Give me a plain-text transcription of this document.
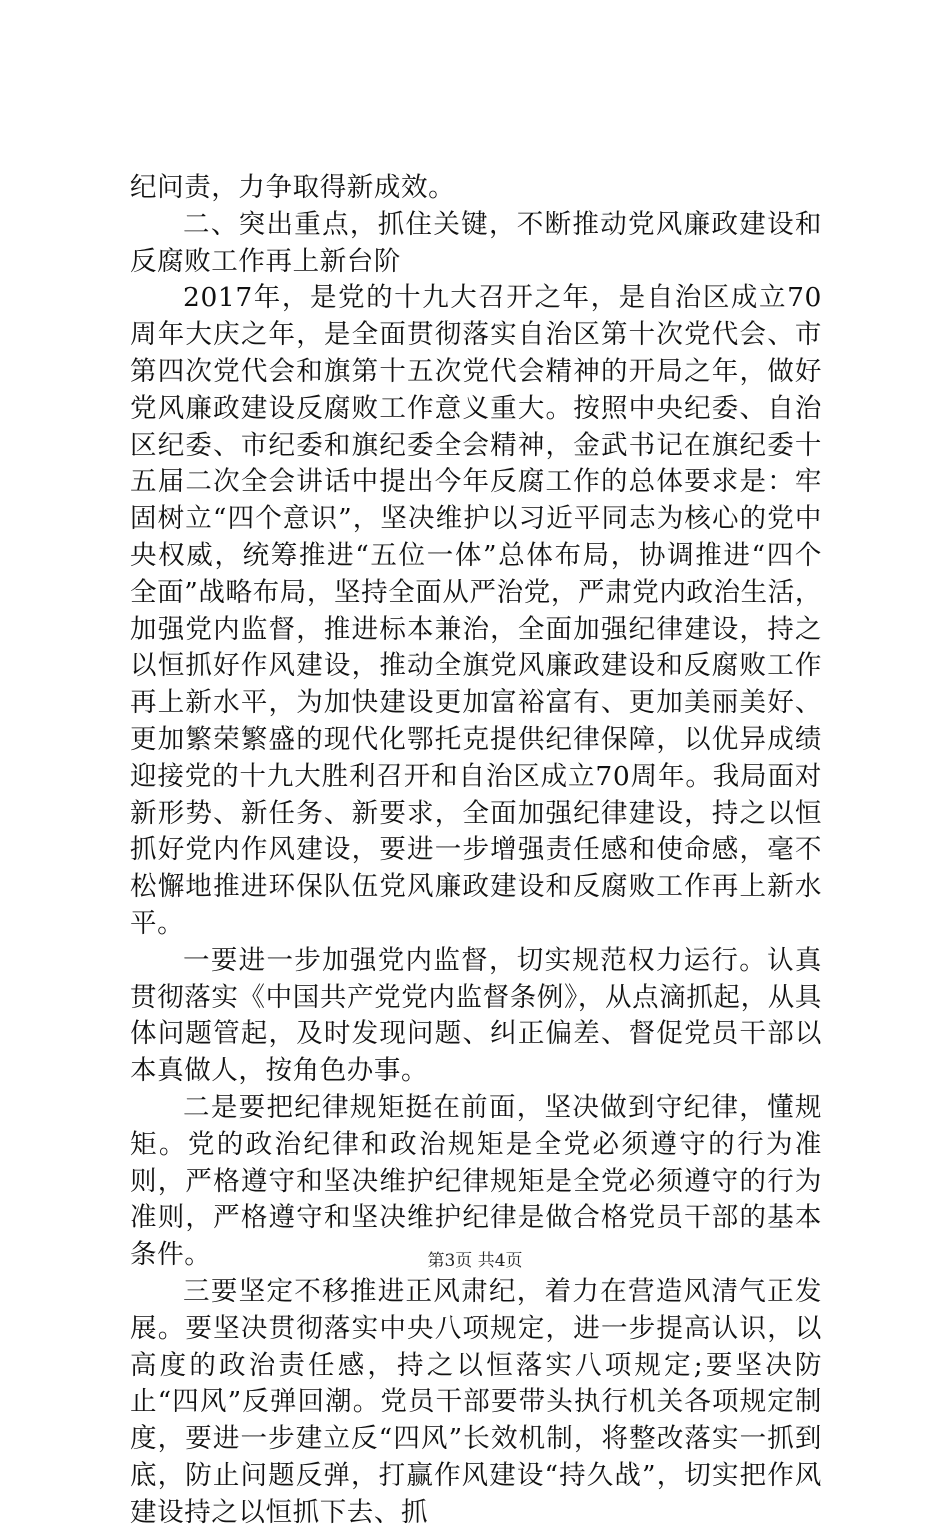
纪问责，力争取得新成效。

二、突出重点，抓住关键，不断推动党风廉政建设和反腐败工作再上新台阶

2017年，是党的十九大召开之年，是自治区成立70周年大庆之年，是全面贯彻落实自治区第十次党代会、市第四次党代会和旗第十五次党代会精神的开局之年，做好党风廉政建设反腐败工作意义重大。按照中央纪委、自治区纪委、市纪委和旗纪委全会精神，金武书记在旗纪委十五届二次全会讲话中提出今年反腐工作的总体要求是：牢固树立“四个意识”，坚决维护以习近平同志为核心的党中央权威，统筹推进“五位一体”总体布局，协调推进“四个全面”战略布局，坚持全面从严治党，严肃党内政治生活，加强党内监督，推进标本兼治，全面加强纪律建设，持之以恒抓好作风建设，推动全旗党风廉政建设和反腐败工作再上新水平，为加快建设更加富裕富有、更加美丽美好、更加繁荣繁盛的现代化鄂托克提供纪律保障，以优异成绩迎接党的十九大胜利召开和自治区成立70周年。我局面对新形势、新任务、新要求，全面加强纪律建设，持之以恒抓好党内作风建设，要进一步增强责任感和使命感，毫不松懈地推进环保队伍党风廉政建设和反腐败工作再上新水平。

一要进一步加强党内监督，切实规范权力运行。认真贯彻落实《中国共产党党内监督条例》，从点滴抓起，从具体问题管起，及时发现问题、纠正偏差、督促党员干部以本真做人，按角色办事。

二是要把纪律规矩挺在前面，坚决做到守纪律，懂规矩。党的政治纪律和政治规矩是全党必须遵守的行为准则，严格遵守和坚决维护纪律规矩是全党必须遵守的行为准则，严格遵守和坚决维护纪律是做合格党员干部的基本条件。

三要坚定不移推进正风肃纪，着力在营造风清气正发展。要坚决贯彻落实中央八项规定，进一步提高认识，以高度的政治责任感，持之以恒落实八项规定;要坚决防止“四风”反弹回潮。党员干部要带头执行机关各项规定制度，要进一步建立反“四风”长效机制，将整改落实一抓到底，防止问题反弹，打赢作风建设“持久战”，切实把作风建设持之以恒抓下去、抓

第3页 共4页
